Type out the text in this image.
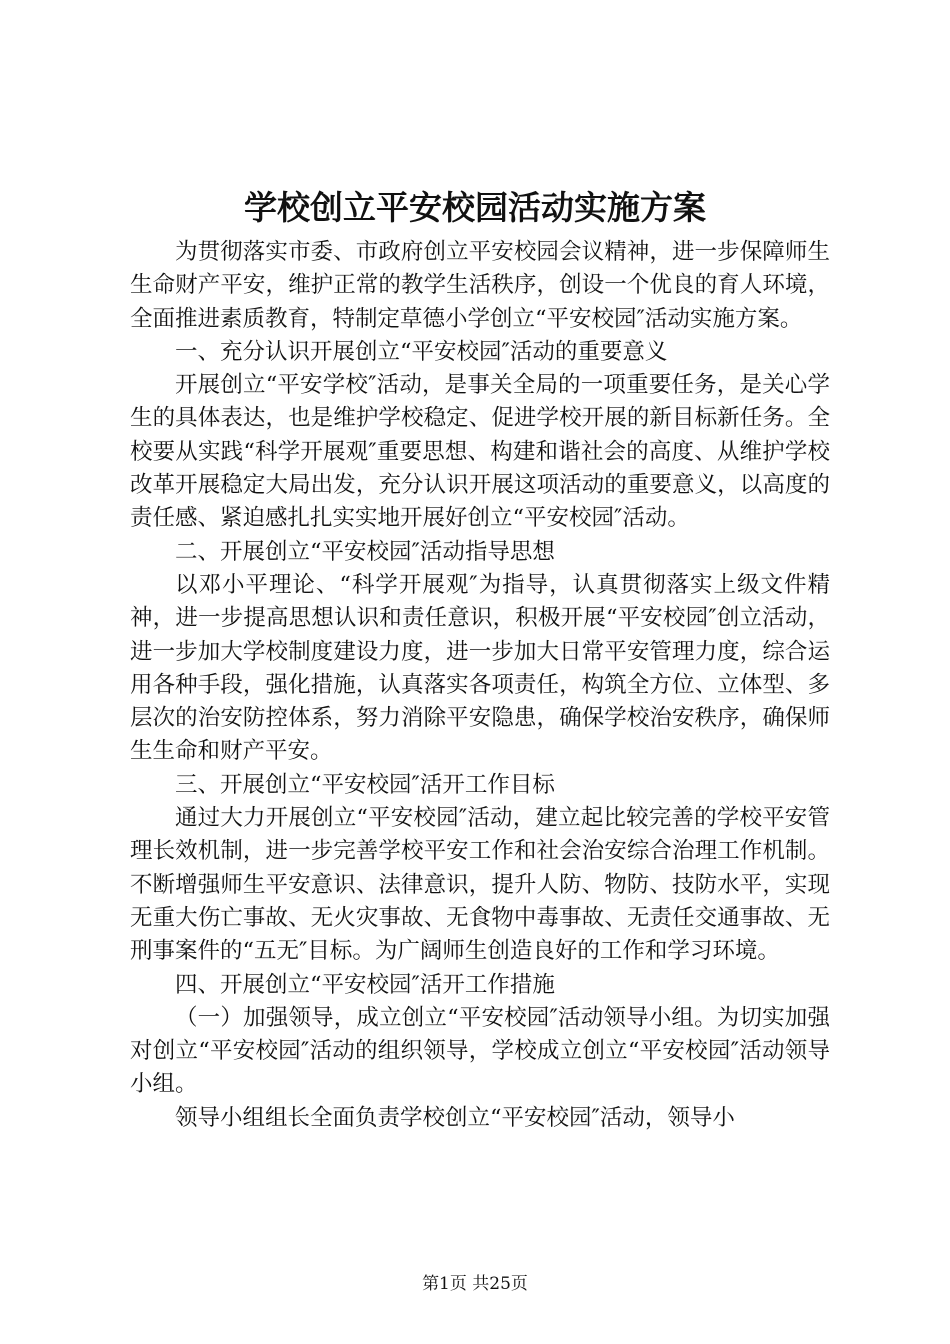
学校创立平安校园活动实施方案

为贯彻落实市委、市政府创立平安校园会议精神，进一步保障师生生命财产平安，维护正常的教学生活秩序，创设一个优良的育人环境，全面推进素质教育，特制定草德小学创立“平安校园″活动实施方案。

一、充分认识开展创立“平安校园″活动的重要意义

开展创立“平安学校″活动，是事关全局的一项重要任务，是关心学生的具体表达，也是维护学校稳定、促进学校开展的新目标新任务。全校要从实践“科学开展观″重要思想、构建和谐社会的高度、从维护学校改革开展稳定大局出发，充分认识开展这项活动的重要意义，以高度的责任感、紧迫感扎扎实实地开展好创立“平安校园″活动。

二、开展创立“平安校园″活动指导思想

以邓小平理论、“科学开展观″为指导，认真贯彻落实上级文件精神，进一步提高思想认识和责任意识，积极开展“平安校园″创立活动，进一步加大学校制度建设力度，进一步加大日常平安管理力度，综合运用各种手段，强化措施，认真落实各项责任，构筑全方位、立体型、多层次的治安防控体系，努力消除平安隐患，确保学校治安秩序，确保师生生命和财产平安。

三、开展创立“平安校园″活开工作目标

通过大力开展创立“平安校园″活动，建立起比较完善的学校平安管理长效机制，进一步完善学校平安工作和社会治安综合治理工作机制。不断增强师生平安意识、法律意识，提升人防、物防、技防水平，实现无重大伤亡事故、无火灾事故、无食物中毒事故、无责任交通事故、无刑事案件的“五无″目标。为广阔师生创造良好的工作和学习环境。

四、开展创立“平安校园″活开工作措施

（一）加强领导，成立创立“平安校园″活动领导小组。为切实加强对创立“平安校园″活动的组织领导，学校成立创立“平安校园″活动领导小组。

领导小组组长全面负责学校创立“平安校园″活动，领导小

第1页 共25页
